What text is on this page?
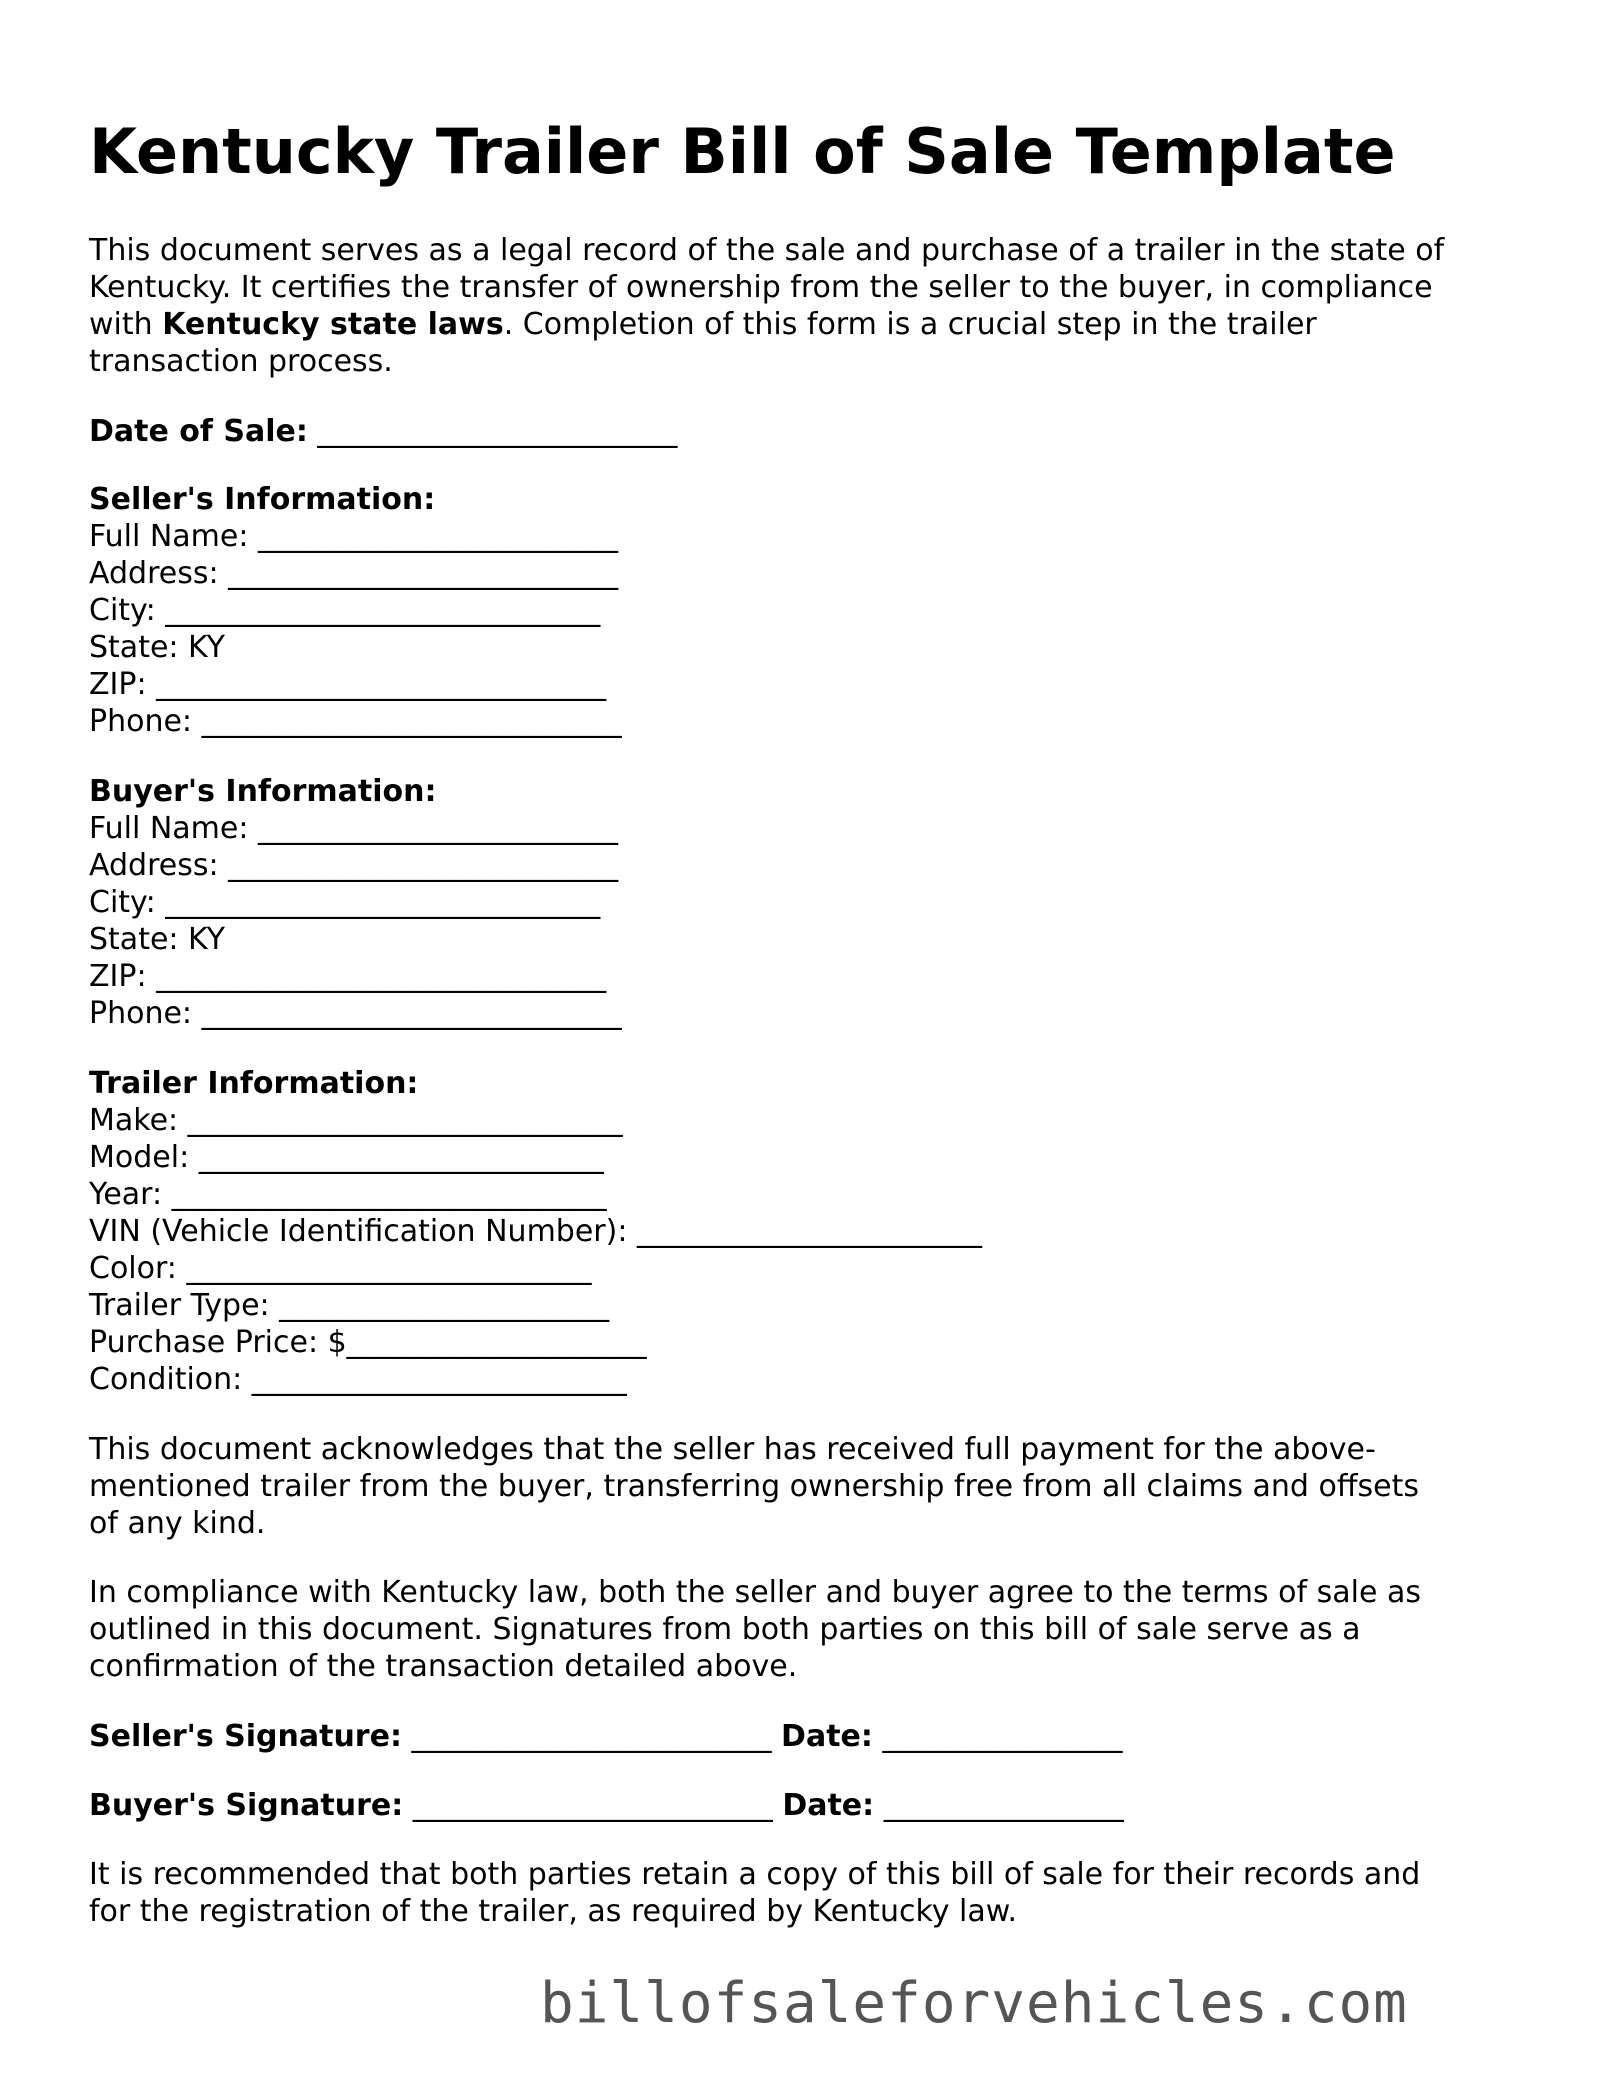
Kentucky Trailer Bill of Sale Template
This document serves as a legal record of the sale and purchase of a trailer in the state of
Kentucky. It certifies the transfer of ownership from the seller to the buyer, in compliance
with Kentucky state laws. Completion of this form is a crucial step in the trailer
transaction process.
Date of Sale: ________________________
Seller's Information:
Full Name: ________________________
Address: __________________________
City: _____________________________
State: KY
ZIP: ______________________________
Phone: ____________________________
Buyer's Information:
Full Name: ________________________
Address: __________________________
City: _____________________________
State: KY
ZIP: ______________________________
Phone: ____________________________
Trailer Information:
Make: _____________________________
Model: ___________________________
Year: _____________________________
VIN (Vehicle Identification Number): _______________________
Color: ___________________________
Trailer Type: ______________________
Purchase Price: $____________________
Condition: _________________________
This document acknowledges that the seller has received full payment for the above-
mentioned trailer from the buyer, transferring ownership free from all claims and offsets
of any kind.
In compliance with Kentucky law, both the seller and buyer agree to the terms of sale as
outlined in this document. Signatures from both parties on this bill of sale serve as a
confirmation of the transaction detailed above.
Seller's Signature: ________________________ Date: ________________
Buyer's Signature: ________________________ Date: ________________
It is recommended that both parties retain a copy of this bill of sale for their records and
for the registration of the trailer, as required by Kentucky law.
billofsaleforvehicles.com
